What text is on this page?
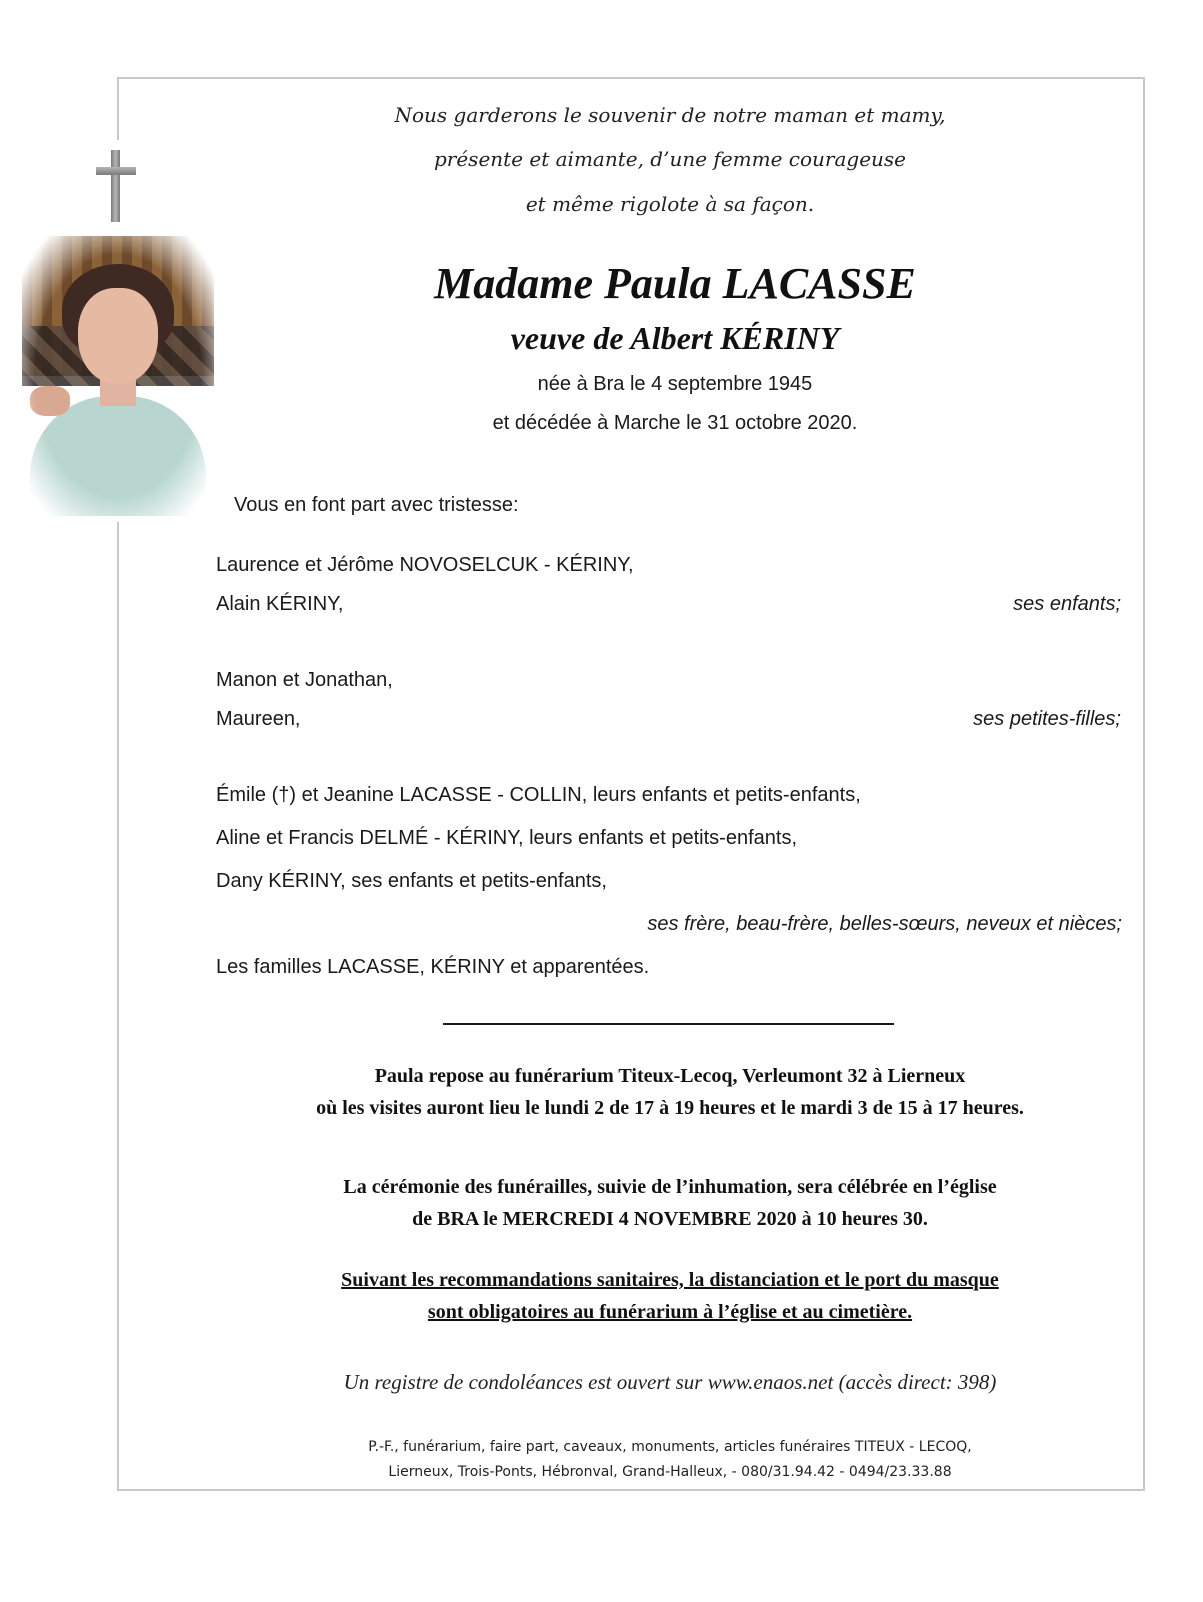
Nous garderons le souvenir de notre maman et mamy,
présente et aimante, d’une femme courageuse
et même rigolote à sa façon.
Madame Paula LACASSE
veuve de Albert KÉRINY
née à Bra le 4 septembre 1945
et décédée à Marche le 31 octobre 2020.
Vous en font part avec tristesse:
Laurence et Jérôme NOVOSELCUK - KÉRINY,
Alain KÉRINY,	ses enfants;
Manon et Jonathan,
Maureen,	ses petites-filles;
Émile (†) et Jeanine LACASSE - COLLIN, leurs enfants et petits-enfants,
Aline et Francis DELMÉ - KÉRINY, leurs enfants et petits-enfants,
Dany KÉRINY, ses enfants et petits-enfants,
ses frère, beau-frère, belles-sœurs, neveux et nièces;
Les familles LACASSE, KÉRINY et apparentées.
Paula repose au funérarium Titeux-Lecoq, Verleumont 32 à Lierneux
où les visites auront lieu le lundi 2 de 17 à 19 heures et le mardi 3 de 15 à 17 heures.
La cérémonie des funérailles, suivie de l’inhumation, sera célébrée en l’église
de BRA le MERCREDI 4 NOVEMBRE 2020 à 10 heures 30.
Suivant les recommandations sanitaires, la distanciation et le port du masque
sont obligatoires au funérarium à l’église et au cimetière.
Un registre de condoléances est ouvert sur www.enaos.net (accès direct: 398)
P.-F., funérarium, faire part, caveaux, monuments, articles funéraires TITEUX - LECOQ,
Lierneux, Trois-Ponts, Hébronval, Grand-Halleux, - 080/31.94.42 - 0494/23.33.88
